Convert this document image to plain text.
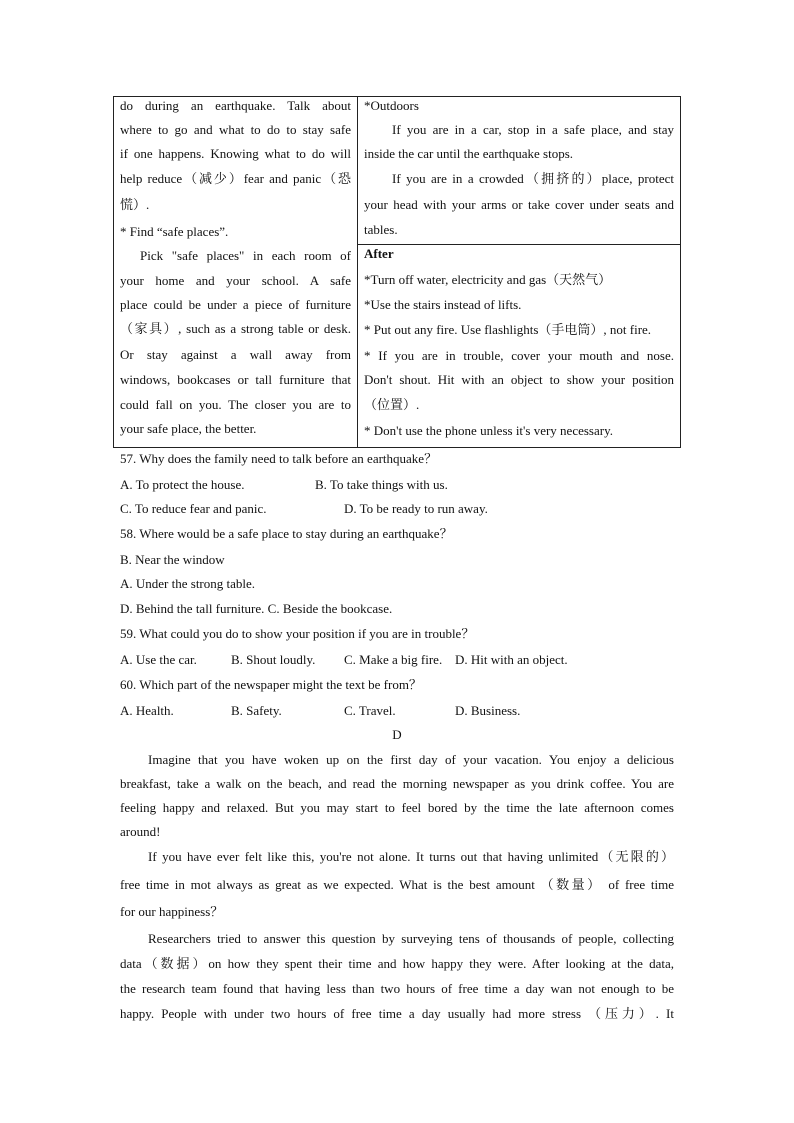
do during an earthquake. Talk about
where to go and what to do to stay safe
if one happens. Knowing what to do will
help reduce（减少）fear and panic（恐
慌）.
* Find “safe places”.
Pick "safe places" in each room of
your home and your school. A safe
place could be under a piece of furniture
（家具）, such as a strong table or desk.
Or stay against a wall away from
windows, bookcases or tall furniture that
could fall on you. The closer you are to
your safe place, the better.
*Outdoors
If you are in a car, stop in a safe place, and stay
inside the car until the earthquake stops.
If you are in a crowded（拥挤的）place, protect
your head with your arms or take cover under seats and
tables.
After
*Turn off water, electricity and gas（天然气）
*Use the stairs instead of lifts.
* Put out any fire. Use flashlights（手电筒）, not fire.
* If you are in trouble, cover your mouth and nose.
Don't shout. Hit with an object to show your position
（位置）.
* Don't use the phone unless it's very necessary.
57. Why does the family need to talk before an earthquake？
A. To protect the house.	B. To take things with us.
C. To reduce fear and panic.	D. To be ready to run away.
58. Where would be a safe place to stay during an earthquake？
B. Near the window
A. Under the strong table.
D. Behind the tall furniture. C. Beside the bookcase.
59. What could you do to show your position if you are in trouble？
A. Use the car.	B. Shout loudly. C. Make a big fire. D. Hit with an object.
60. Which part of the newspaper might the text be from？
A. Health.	B. Safety.	C. Travel.	D. Business.
D
Imagine that you have woken up on the first day of your vacation. You enjoy a delicious
breakfast, take a walk on the beach, and read the morning newspaper as you drink coffee. You are
feeling happy and relaxed. But you may start to feel bored by the time the late afternoon comes
around!
If you have ever felt like this, you're not alone. It turns out that having unlimited（无限的）
free time in mot always as great as we expected. What is the best amount （数量） of free time
for our happiness？
Researchers tried to answer this question by surveying tens of thousands of people, collecting
data（数据）on how they spent their time and how happy they were. After looking at the data,
the research team found that having less than two hours of free time a day wan not enough to be
happy. People with under two hours of free time a day usually had more stress （压力）. It
